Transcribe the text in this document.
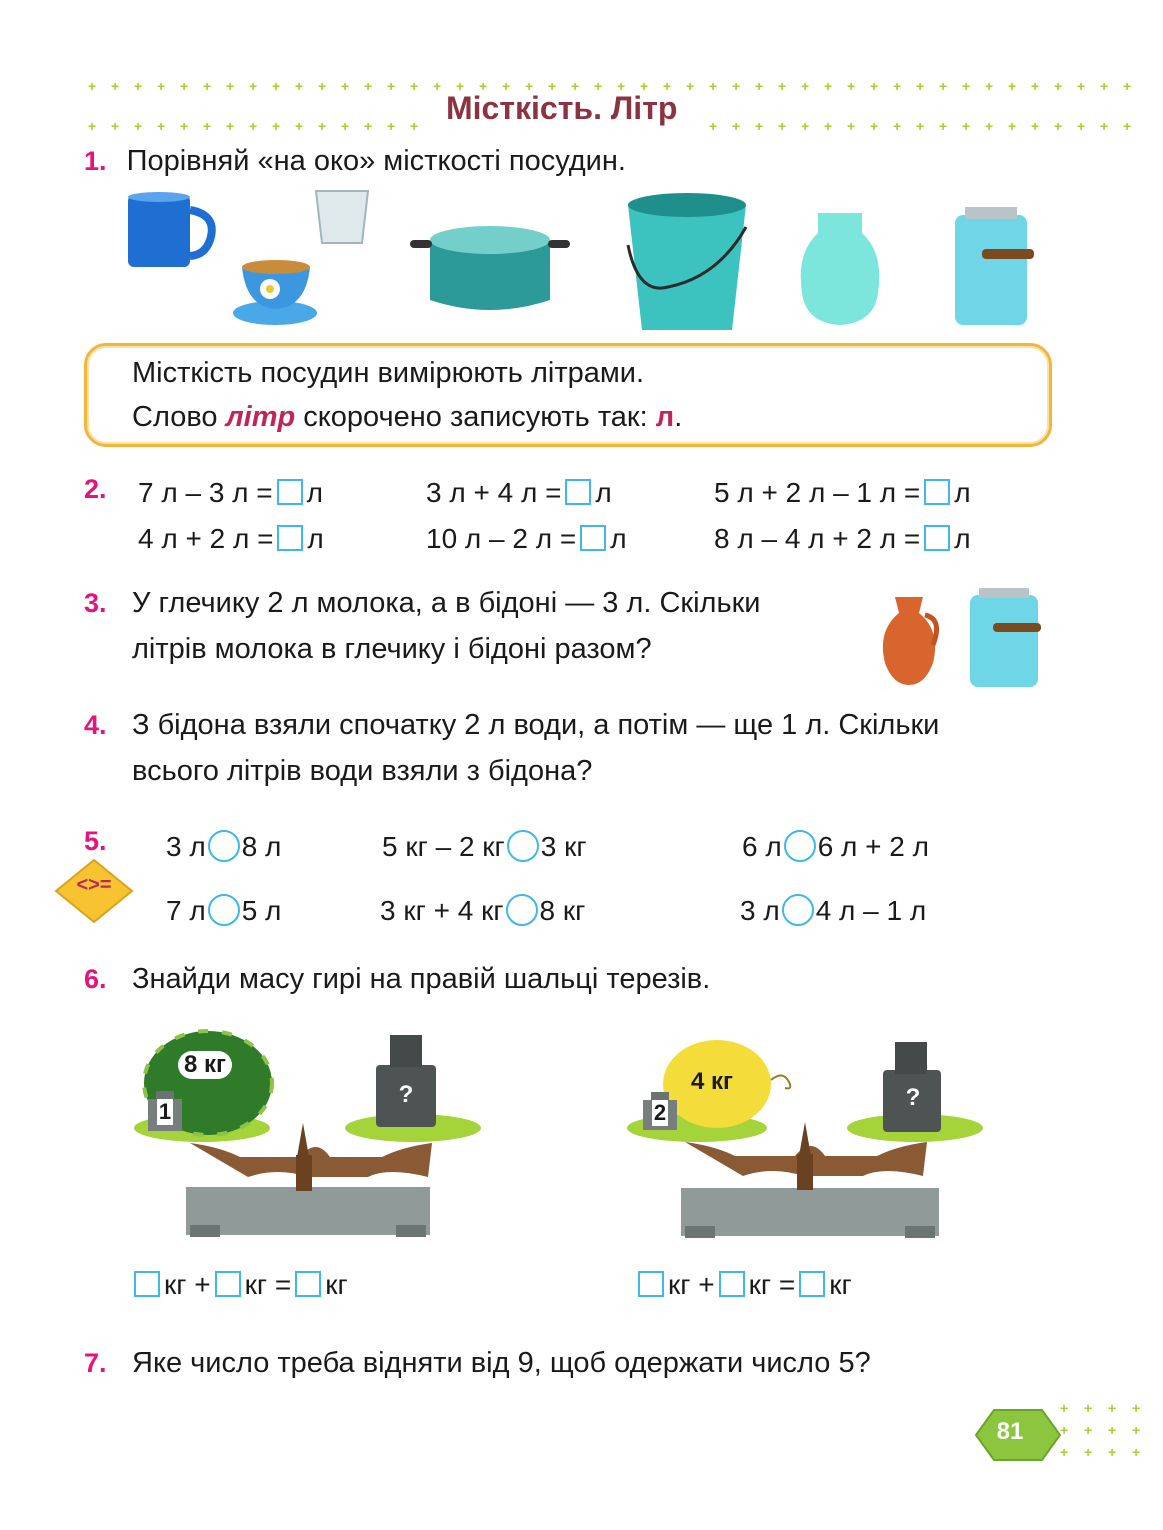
+ + + + + + + + + + + + + + + + + + + + + + + + + + + + + + + + + + + + + + + + + + + + + +
+ + + + + + + + + + + + + + +	+ + + + + + + + + + + + + + + + + + +
Місткість. Літр
1. Порівняй «на око» місткості посудин.
Місткість посудин вимірюють літрами.
Слово літр скорочено записують так: л.
2. 7 л – 3 л = л	3 л + 4 л = л	5 л + 2 л – 1 л = л
4 л + 2 л = л	10 л – 2 л = л	8 л – 4 л + 2 л = л
3. У глечику 2 л молока, а в бідоні — 3 л. Скільки
літрів молока в глечику і бідоні разом?
4. З бідона взяли спочатку 2 л води, а потім — ще 1 л. Скільки
всього літрів води взяли з бідона?
5.
<>=
3 л 8 л	5 кг – 2 кг 3 кг	6 л 6 л + 2 л
7 л 5 л	3 кг + 4 кг 8 кг	3 л 4 л – 1 л
6. Знайди масу гирі на правій шальці терезів.
8 кг
1
?	4 кг
2
?
кг + кг = кг	кг + кг = кг
7. Яке число треба відняти від 9, щоб одержати число 5?
81
+ + + +
+ + + +
+ + + +
